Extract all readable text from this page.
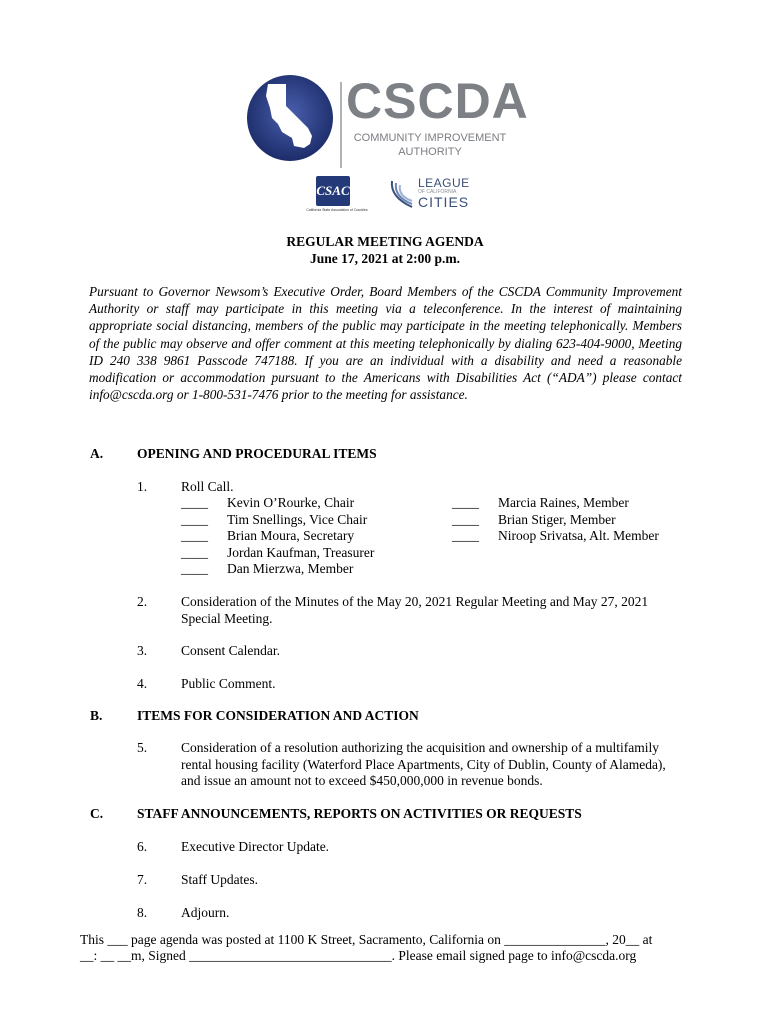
CSCDA
COMMUNITY IMPROVEMENT
AUTHORITY
CSAC
California State Association of Counties
LEAGUE
OF CALIFORNIA
CITIES
REGULAR MEETING AGENDA
June 17, 2021 at 2:00 p.m.
Pursuant to Governor Newsom’s Executive Order, Board Members of the CSCDA Community Improvement Authority or staff may participate in this meeting via a teleconference. In the interest of maintaining appropriate social distancing, members of the public may participate in the meeting telephonically. Members of the public may observe and offer comment at this meeting telephonically by dialing 623-404-9000, Meeting ID 240 338 9861 Passcode 747188. If you are an individual with a disability and need a reasonable modification or accommodation pursuant to the Americans with Disabilities Act (“ADA”) please contact info@cscda.org or 1-800-531-7476 prior to the meeting for assistance.
A.	OPENING AND PROCEDURAL ITEMS
1.	Roll Call.
____ Kevin O’Rourke, Chair
____ Tim Snellings, Vice Chair
____ Brian Moura, Secretary
____ Jordan Kaufman, Treasurer
____ Dan Mierzwa, Member
____ Marcia Raines, Member
____ Brian Stiger, Member
____ Niroop Srivatsa, Alt. Member
2.	Consideration of the Minutes of the May 20, 2021 Regular Meeting and May 27, 2021 Special Meeting.
3.	Consent Calendar.
4.	Public Comment.
B.	ITEMS FOR CONSIDERATION AND ACTION
5.	Consideration of a resolution authorizing the acquisition and ownership of a multifamily rental housing facility (Waterford Place Apartments, City of Dublin, County of Alameda), and issue an amount not to exceed $450,000,000 in revenue bonds.
C.	STAFF ANNOUNCEMENTS, REPORTS ON ACTIVITIES OR REQUESTS
6.	Executive Director Update.
7.	Staff Updates.
8.	Adjourn.
This ___ page agenda was posted at 1100 K Street, Sacramento, California on _______________, 20__ at
__: __ __m, Signed ______________________________. Please email signed page to info@cscda.org
